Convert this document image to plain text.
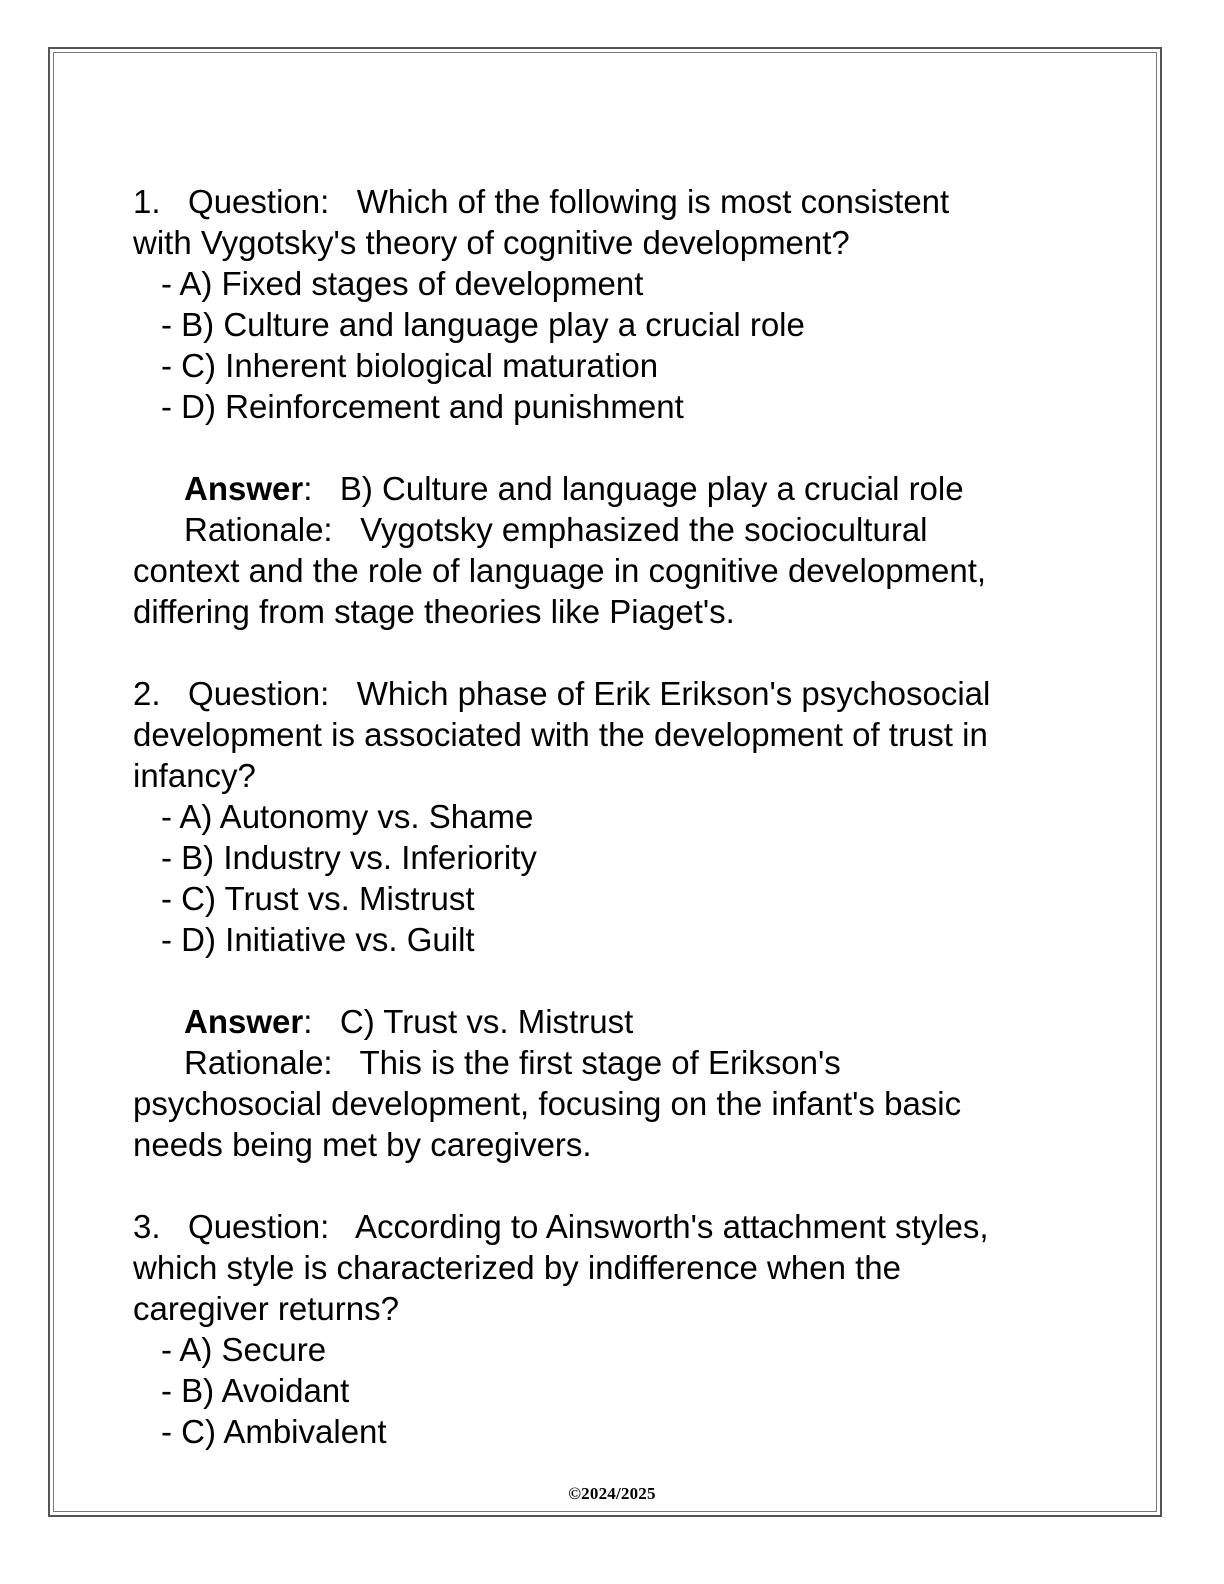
1.   Question:   Which of the following is most consistent
with Vygotsky's theory of cognitive development?
- A) Fixed stages of development
- B) Culture and language play a crucial role
- C) Inherent biological maturation
- D) Reinforcement and punishment
Answer:   B) Culture and language play a crucial role
Rationale:   Vygotsky emphasized the sociocultural
context and the role of language in cognitive development,
differing from stage theories like Piaget's.
2.   Question:   Which phase of Erik Erikson's psychosocial
development is associated with the development of trust in
infancy?
- A) Autonomy vs. Shame
- B) Industry vs. Inferiority
- C) Trust vs. Mistrust
- D) Initiative vs. Guilt
Answer:   C) Trust vs. Mistrust
Rationale:   This is the first stage of Erikson's
psychosocial development, focusing on the infant's basic
needs being met by caregivers.
3.   Question:   According to Ainsworth's attachment styles,
which style is characterized by indifference when the
caregiver returns?
- A) Secure
- B) Avoidant
- C) Ambivalent
©2024/2025
